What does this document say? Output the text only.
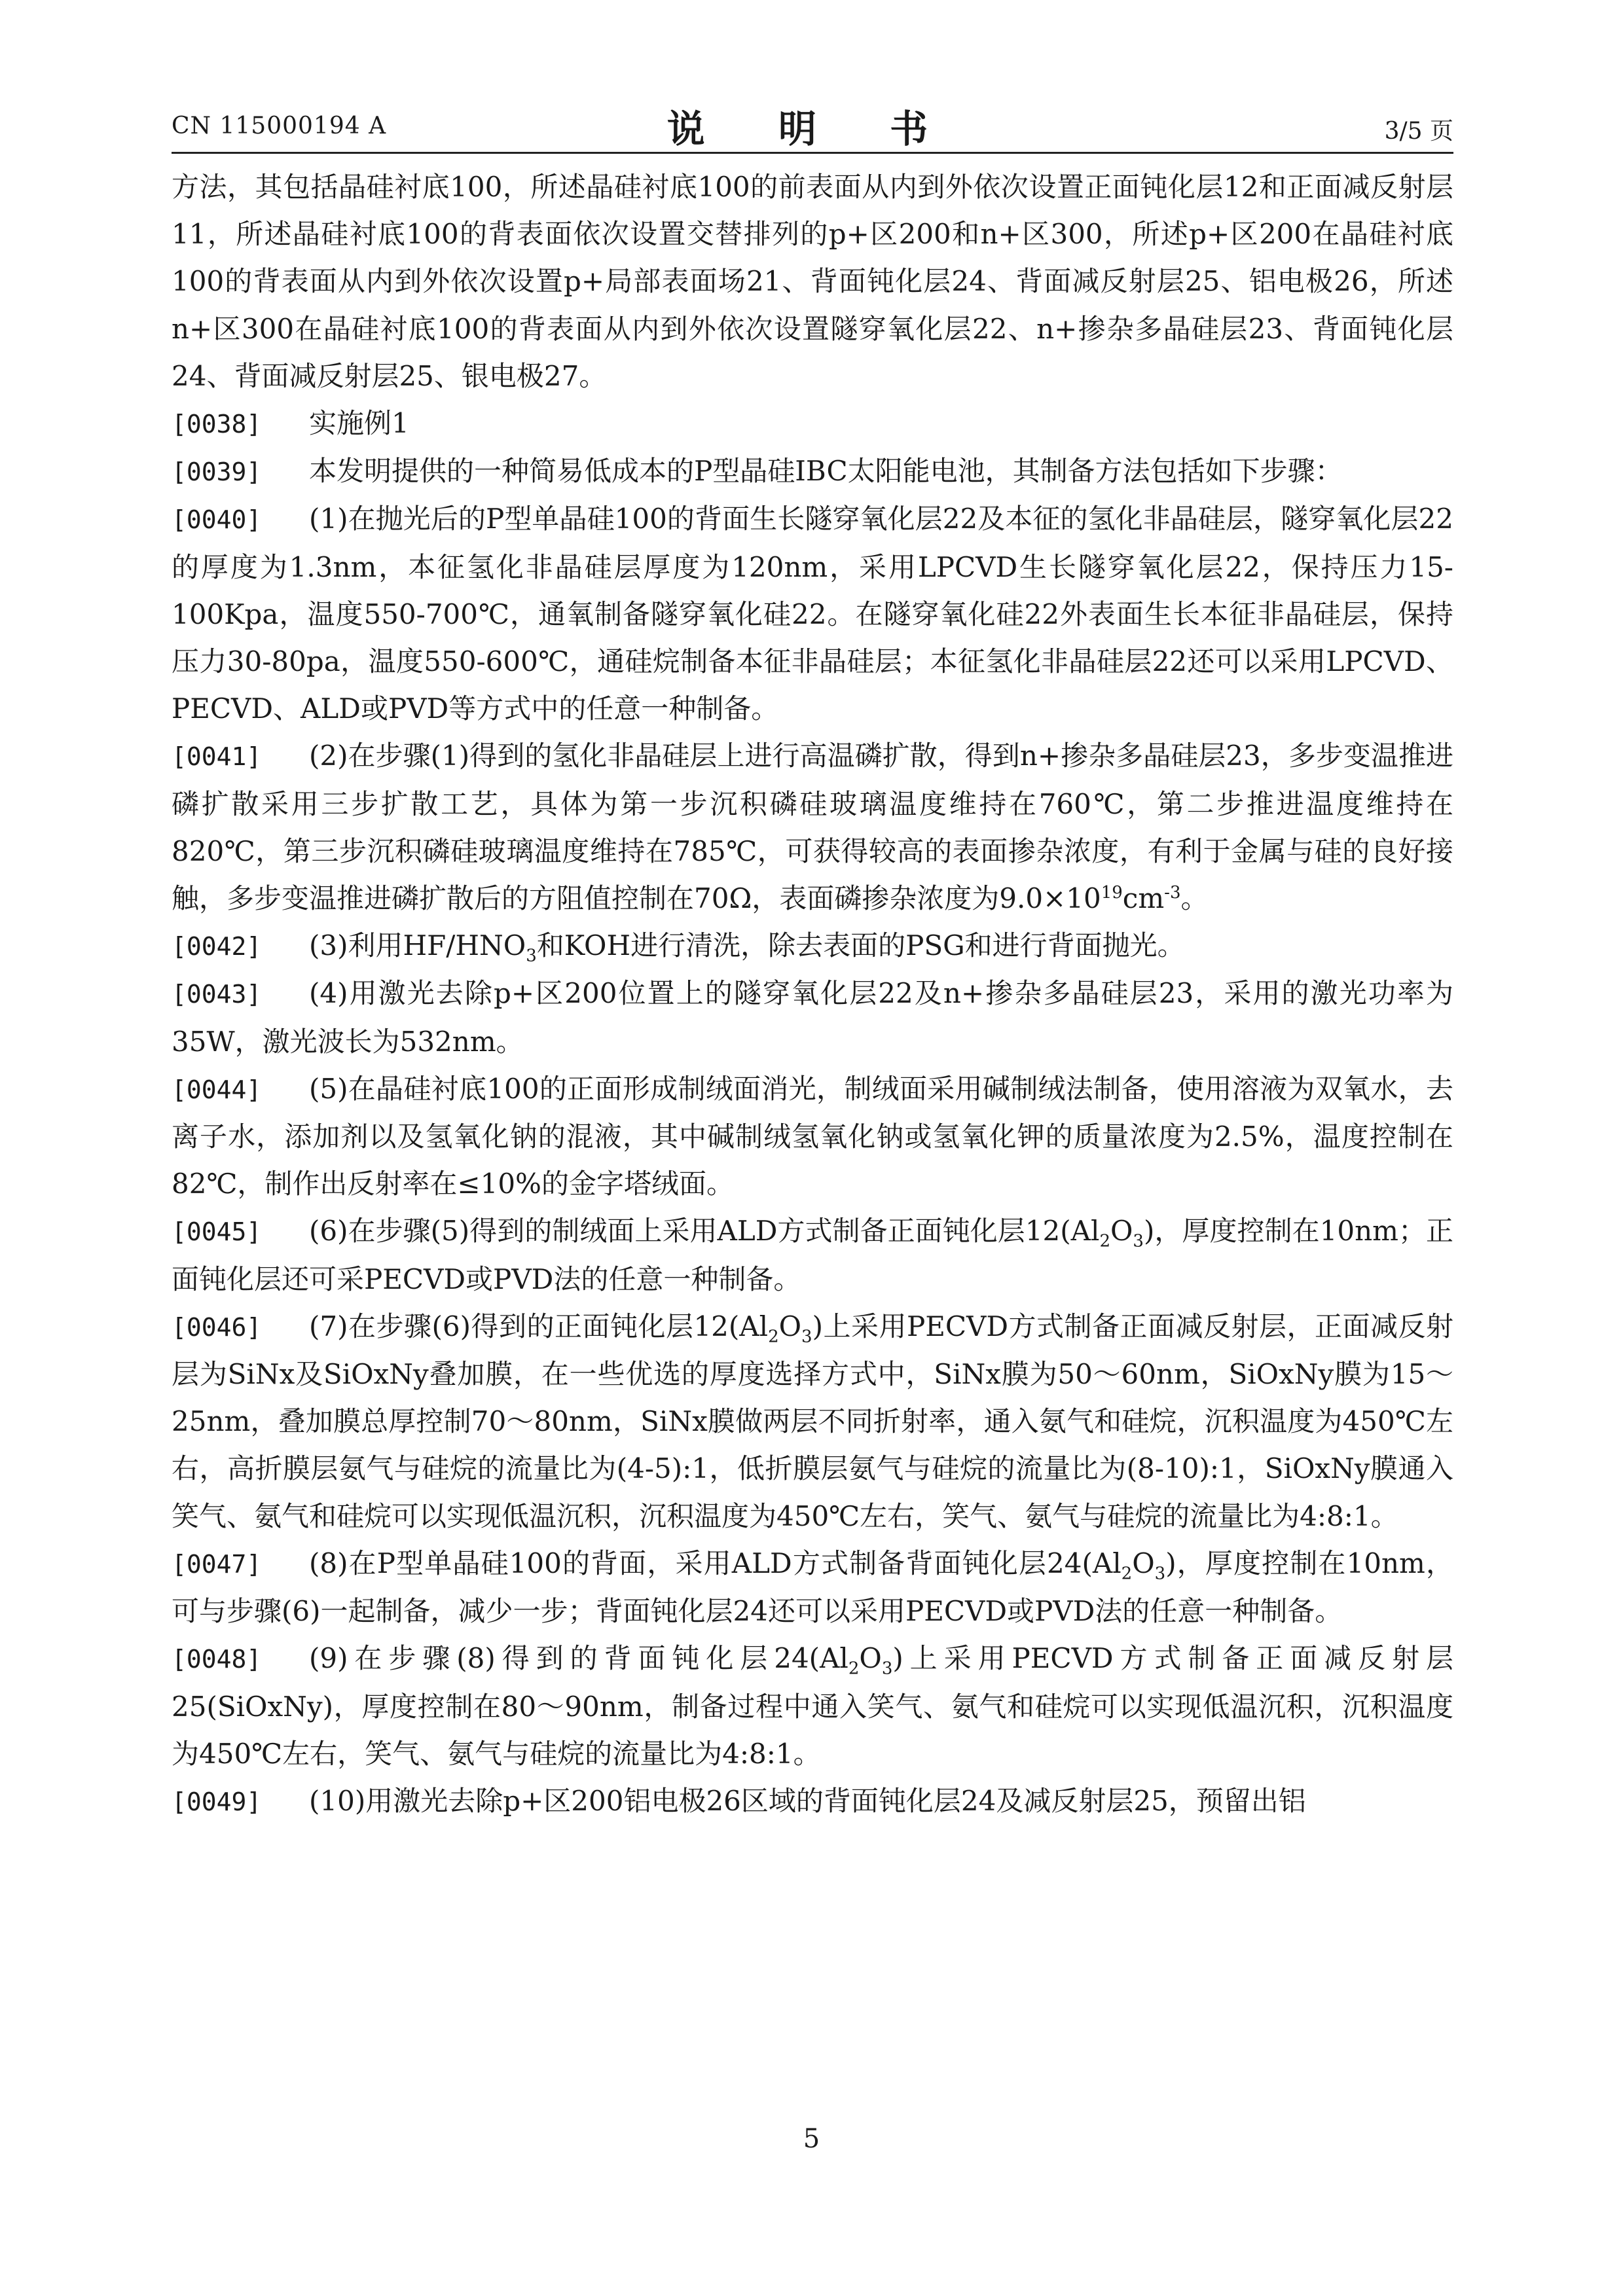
CN 115000194 A	说 明 书	3/5 页

方法，其包括晶硅衬底100，所述晶硅衬底100的前表面从内到外依次设置正面钝化层12和正面减反射层11，所述晶硅衬底100的背表面依次设置交替排列的p+区200和n+区300，所述p+区200在晶硅衬底100的背表面从内到外依次设置p+局部表面场21、背面钝化层24、背面减反射层25、铝电极26，所述n+区300在晶硅衬底100的背表面从内到外依次设置隧穿氧化层22、n+掺杂多晶硅层23、背面钝化层24、背面减反射层25、银电极27。

[0038] 实施例1

[0039] 本发明提供的一种简易低成本的P型晶硅IBC太阳能电池，其制备方法包括如下步骤：

[0040] (1)在抛光后的P型单晶硅100的背面生长隧穿氧化层22及本征的氢化非晶硅层，隧穿氧化层22的厚度为1.3nm，本征氢化非晶硅层厚度为120nm，采用LPCVD生长隧穿氧化层22，保持压力15-100Kpa，温度550-700℃，通氧制备隧穿氧化硅22。在隧穿氧化硅22外表面生长本征非晶硅层，保持压力30-80pa，温度550-600℃，通硅烷制备本征非晶硅层；本征氢化非晶硅层22还可以采用LPCVD、PECVD、ALD或PVD等方式中的任意一种制备。

[0041] (2)在步骤(1)得到的氢化非晶硅层上进行高温磷扩散，得到n+掺杂多晶硅层23，多步变温推进磷扩散采用三步扩散工艺，具体为第一步沉积磷硅玻璃温度维持在760℃，第二步推进温度维持在820℃，第三步沉积磷硅玻璃温度维持在785℃，可获得较高的表面掺杂浓度，有利于金属与硅的良好接触，多步变温推进磷扩散后的方阻值控制在70Ω，表面磷掺杂浓度为$9.0\times 10^{19}cm^{-3}$。

[0042] (3)利用$HF/HNO_3$和KOH进行清洗，除去表面的PSG和进行背面抛光。

[0043] (4)用激光去除p+区200位置上的隧穿氧化层22及n+掺杂多晶硅层23，采用的激光功率为35W，激光波长为532nm。

[0044] (5)在晶硅衬底100的正面形成制绒面消光，制绒面采用碱制绒法制备，使用溶液为双氧水，去离子水，添加剂以及氢氧化钠的混液，其中碱制绒氢氧化钠或氢氧化钾的质量浓度为2.5%，温度控制在82℃，制作出反射率在≤10%的金字塔绒面。

[0045] (6)在步骤(5)得到的制绒面上采用ALD方式制备正面钝化层$12(Al_2O_3)$，厚度控制在10nm；正面钝化层还可采PECVD或PVD法的任意一种制备。

[0046] (7)在步骤(6)得到的正面钝化层$12(Al_2O_3)$上采用PECVD方式制备正面减反射层，正面减反射层为SiNx及SiOxNy叠加膜，在一些优选的厚度选择方式中，SiNx膜为50～60nm，SiOxNy膜为15～25nm，叠加膜总厚控制70～80nm，SiNx膜做两层不同折射率，通入氨气和硅烷，沉积温度为450℃左右，高折膜层氨气与硅烷的流量比为(4-5):1，低折膜层氨气与硅烷的流量比为(8-10):1，SiOxNy膜通入笑气、氨气和硅烷可以实现低温沉积，沉积温度为450℃左右，笑气、氨气与硅烷的流量比为4:8:1。

[0047] (8)在P型单晶硅100的背面，采用ALD方式制备背面钝化层$24(Al_2O_3)$，厚度控制在10nm，可与步骤(6)一起制备，减少一步；背面钝化层24还可以采用PECVD或PVD法的任意一种制备。

[0048] (9)在步骤(8)得到的背面钝化层$24(Al_2O_3)$上采用PECVD方式制备正面减反射层25(SiOxNy)，厚度控制在80～90nm，制备过程中通入笑气、氨气和硅烷可以实现低温沉积，沉积温度为450℃左右，笑气、氨气与硅烷的流量比为4:8:1。

[0049] (10)用激光去除p+区200铝电极26区域的背面钝化层24及减反射层25，预留出铝

5
